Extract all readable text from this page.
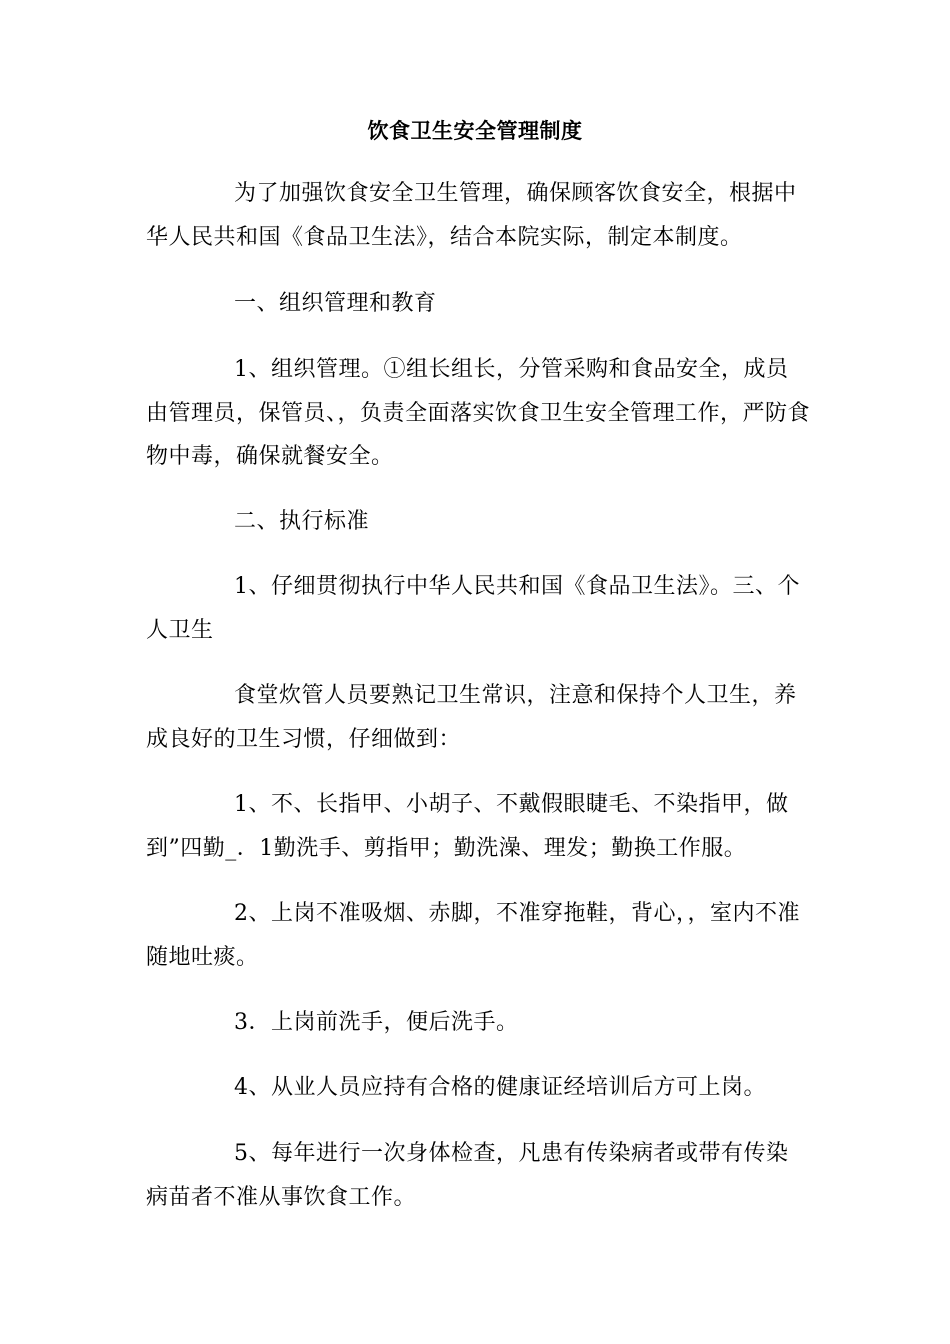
饮食卫生安全管理制度

为了加强饮食安全卫生管理，确保顾客饮食安全，根据中华人民共和国《食品卫生法》，结合本院实际，制定本制度。

一、组织管理和教育

1、组织管理。①组长组长，分管采购和食品安全，成员由管理员，保管员、，负责全面落实饮食卫生安全管理工作，严防食物中毒，确保就餐安全。

二、执行标准

1、仔细贯彻执行中华人民共和国《食品卫生法》。三、个人卫生

食堂炊管人员要熟记卫生常识，注意和保持个人卫生，养成良好的卫生习惯，仔细做到：

1、不、长指甲、小胡子、不戴假眼睫毛、不染指甲，做到”四勤_．1勤洗手、剪指甲；勤洗澡、理发；勤换工作服。

2、上岗不准吸烟、赤脚，不准穿拖鞋，背心，，室内不准随地吐痰。

3．上岗前洗手，便后洗手。

4、从业人员应持有合格的健康证经培训后方可上岗。

5、每年进行一次身体检查，凡患有传染病者或带有传染病苗者不准从事饮食工作。
